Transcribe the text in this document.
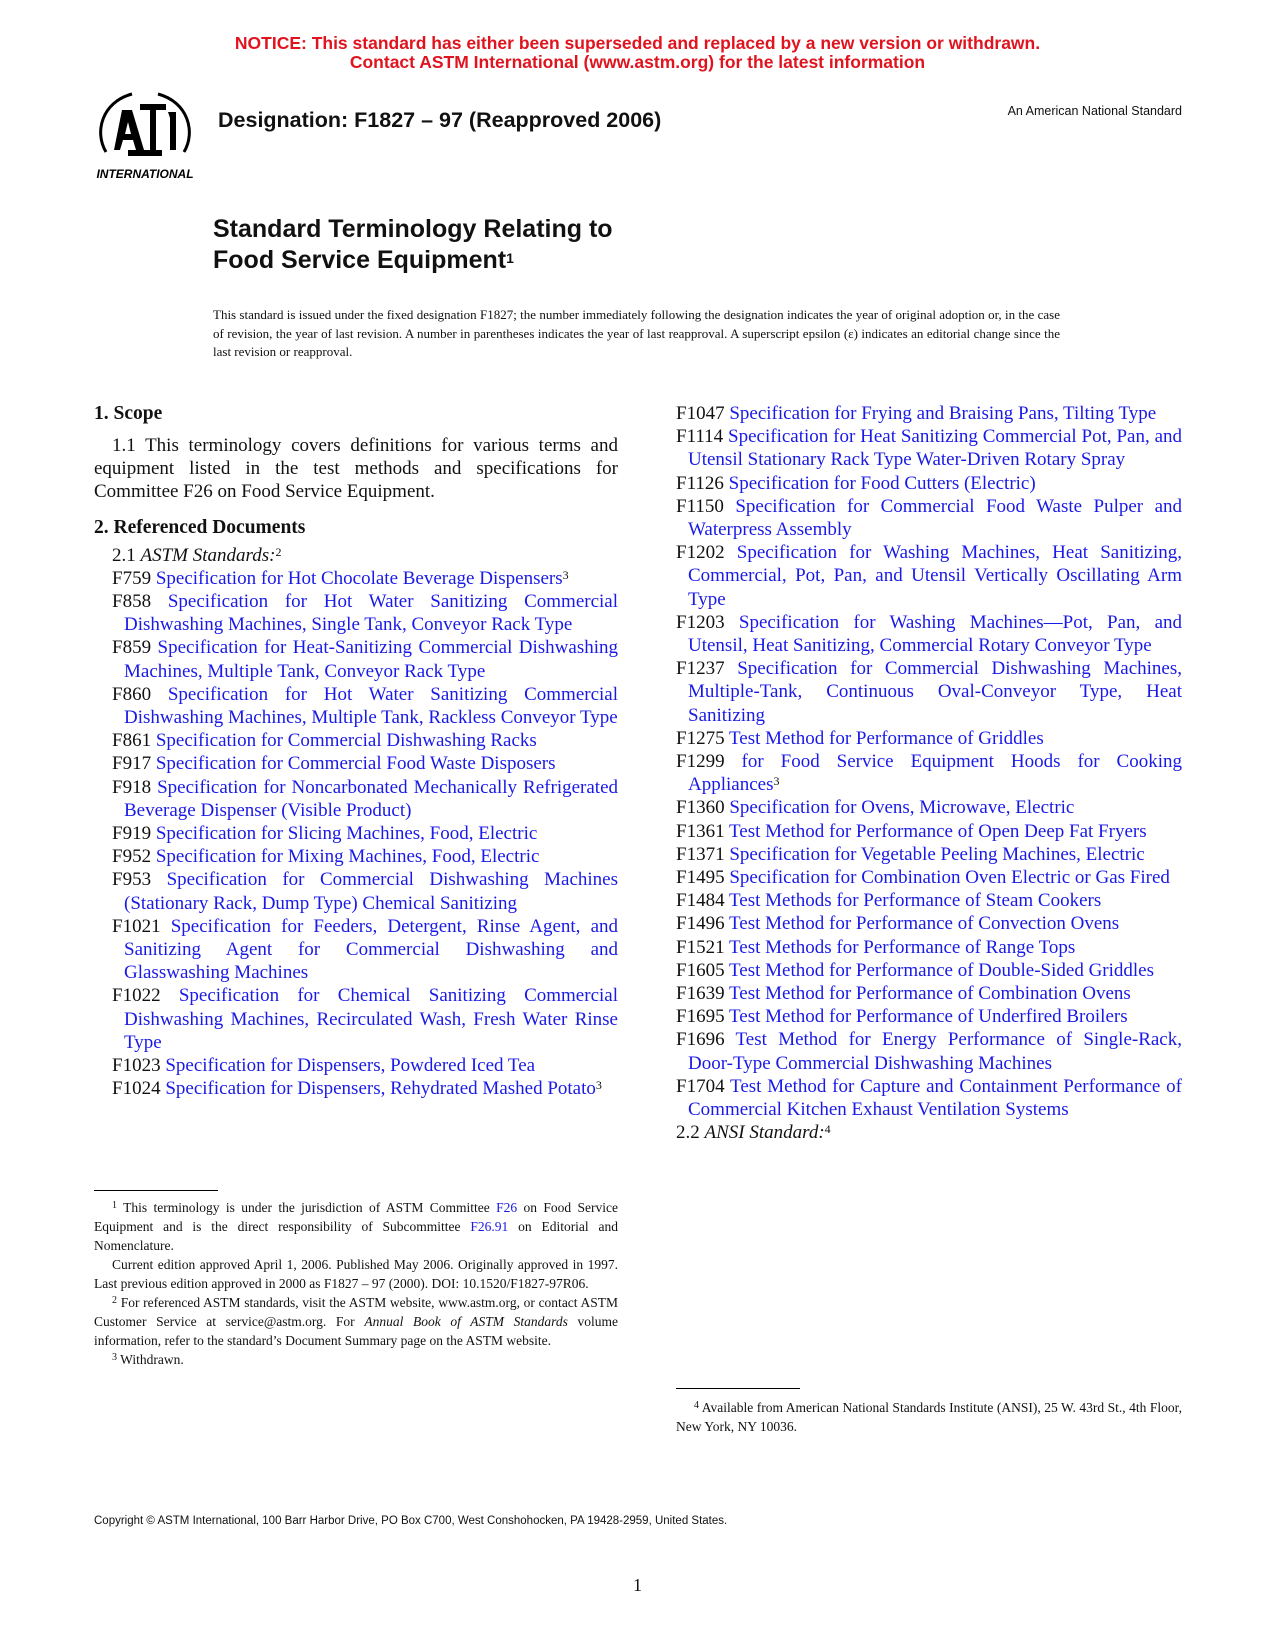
NOTICE: This standard has either been superseded and replaced by a new version or withdrawn.
Contact ASTM International (www.astm.org) for the latest information
INTERNATIONAL
Designation: F1827 – 97 (Reapproved 2006)	An American National Standard
Standard Terminology Relating to
Food Service Equipment$^1$
This standard is issued under the fixed designation F1827; the number immediately following the designation indicates the year of original adoption or, in the case of revision, the year of last revision. A number in parentheses indicates the year of last reapproval. A superscript epsilon (ε) indicates an editorial change since the last revision or reapproval.
1. Scope

1.1 This terminology covers definitions for various terms and equipment listed in the test methods and specifications for Committee F26 on Food Service Equipment.

2. Referenced Documents
2.1 ASTM Standards:$^2$
F759 Specification for Hot Chocolate Beverage Dispensers$^3$
F858 Specification for Hot Water Sanitizing Commercial Dishwashing Machines, Single Tank, Conveyor Rack Type
F859 Specification for Heat-Sanitizing Commercial Dishwashing Machines, Multiple Tank, Conveyor Rack Type
F860 Specification for Hot Water Sanitizing Commercial Dishwashing Machines, Multiple Tank, Rackless Conveyor Type
F861 Specification for Commercial Dishwashing Racks
F917 Specification for Commercial Food Waste Disposers
F918 Specification for Noncarbonated Mechanically Refrigerated Beverage Dispenser (Visible Product)
F919 Specification for Slicing Machines, Food, Electric
F952 Specification for Mixing Machines, Food, Electric
F953 Specification for Commercial Dishwashing Machines (Stationary Rack, Dump Type) Chemical Sanitizing
F1021 Specification for Feeders, Detergent, Rinse Agent, and Sanitizing Agent for Commercial Dishwashing and Glasswashing Machines
F1022 Specification for Chemical Sanitizing Commercial Dishwashing Machines, Recirculated Wash, Fresh Water Rinse Type
F1023 Specification for Dispensers, Powdered Iced Tea
F1024 Specification for Dispensers, Rehydrated Mashed Potato$^3$
F1047 Specification for Frying and Braising Pans, Tilting Type
F1114 Specification for Heat Sanitizing Commercial Pot, Pan, and Utensil Stationary Rack Type Water-Driven Rotary Spray
F1126 Specification for Food Cutters (Electric)
F1150 Specification for Commercial Food Waste Pulper and Waterpress Assembly
F1202 Specification for Washing Machines, Heat Sanitizing, Commercial, Pot, Pan, and Utensil Vertically Oscillating Arm Type
F1203 Specification for Washing Machines—Pot, Pan, and Utensil, Heat Sanitizing, Commercial Rotary Conveyor Type
F1237 Specification for Commercial Dishwashing Machines, Multiple-Tank, Continuous Oval-Conveyor Type, Heat Sanitizing
F1275 Test Method for Performance of Griddles
F1299 for Food Service Equipment Hoods for Cooking Appliances$^3$
F1360 Specification for Ovens, Microwave, Electric
F1361 Test Method for Performance of Open Deep Fat Fryers
F1371 Specification for Vegetable Peeling Machines, Electric
F1495 Specification for Combination Oven Electric or Gas Fired
F1484 Test Methods for Performance of Steam Cookers
F1496 Test Method for Performance of Convection Ovens
F1521 Test Methods for Performance of Range Tops
F1605 Test Method for Performance of Double-Sided Griddles
F1639 Test Method for Performance of Combination Ovens
F1695 Test Method for Performance of Underfired Broilers
F1696 Test Method for Energy Performance of Single-Rack, Door-Type Commercial Dishwashing Machines
F1704 Test Method for Capture and Containment Performance of Commercial Kitchen Exhaust Ventilation Systems
2.2 ANSI Standard:$^4$

$^1$ This terminology is under the jurisdiction of ASTM Committee F26 on Food Service Equipment and is the direct responsibility of Subcommittee F26.91 on Editorial and Nomenclature.

Current edition approved April 1, 2006. Published May 2006. Originally approved in 1997. Last previous edition approved in 2000 as F1827 – 97 (2000). DOI: 10.1520/F1827-97R06.

$^2$ For referenced ASTM standards, visit the ASTM website, www.astm.org, or contact ASTM Customer Service at service@astm.org. For Annual Book of ASTM Standards volume information, refer to the standard’s Document Summary page on the ASTM website.

$^3$ Withdrawn.

$^4$ Available from American National Standards Institute (ANSI), 25 W. 43rd St., 4th Floor, New York, NY 10036.

Copyright © ASTM International, 100 Barr Harbor Drive, PO Box C700, West Conshohocken, PA 19428-2959, United States.
1
